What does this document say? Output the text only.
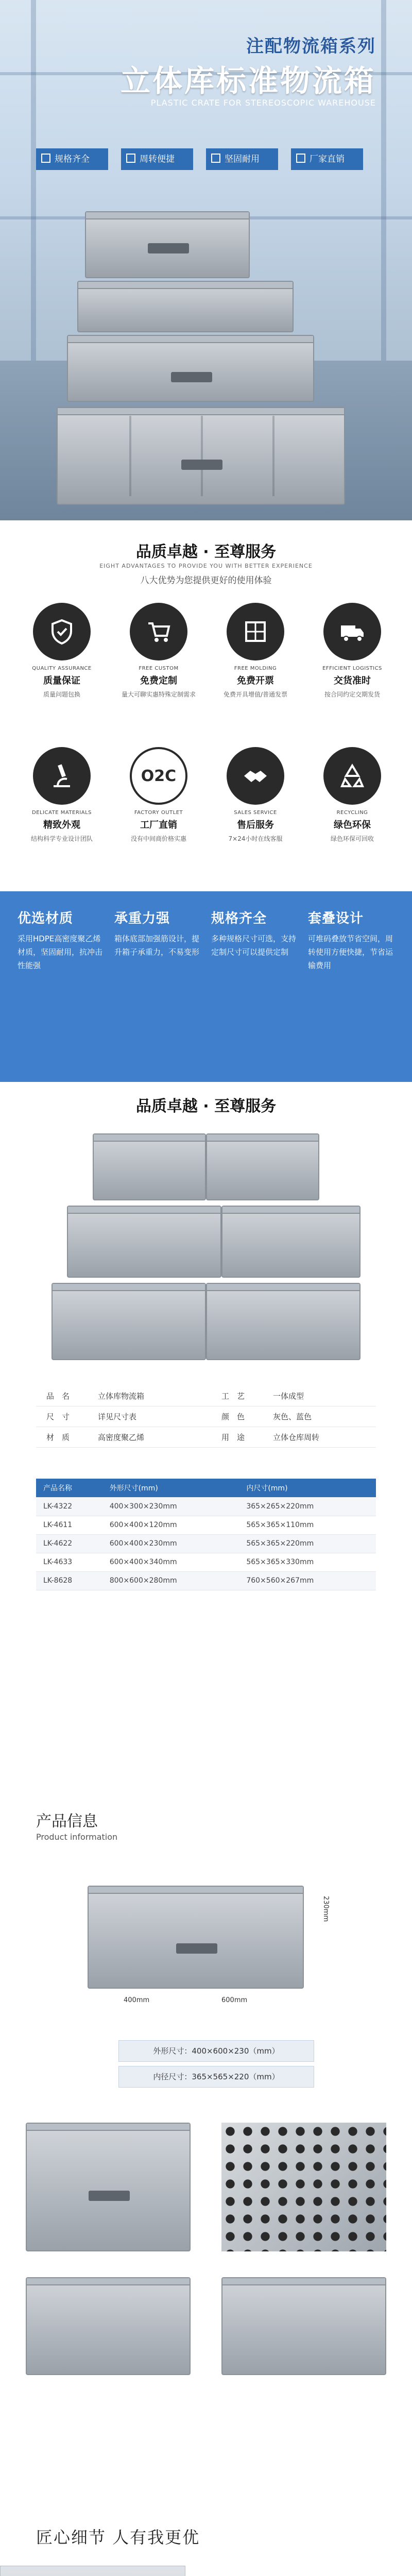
注配物流箱系列
立体库标准物流箱
PLASTIC CRATE FOR STEREOSCOPIC WAREHOUSE
规格齐全	周转便捷	坚固耐用	厂家直销
品质卓越 · 至尊服务
EIGHT ADVANTAGES TO PROVIDE YOU WITH BETTER EXPERIENCE
八大优势为您提供更好的使用体验
QUALITY ASSURANCE
质量保证
质量问题包换
FREE CUSTOM
免费定制
量大可聊实惠特殊定制需求
FREE MOLDING
免费开票
免费开具增值/普通发票
EFFICIENT LOGISTICS
交货准时
按合同约定交期发货
DELICATE MATERIALS
精致外观
结构科学专业设计团队
O2C
FACTORY OUTLET
工厂直销
没有中间商价格实惠
SALES SERVICE
售后服务
7×24小时在线客服
RECYCLING
绿色环保
绿色环保可回收
优选材质
采用HDPE高密度聚乙烯材质，坚固耐用，抗冲击性能强
承重力强
箱体底部加强筋设计，提升箱子承重力，不易变形
规格齐全
多种规格尺寸可选，支持定制尺寸可以提供定制
套叠设计
可堆码叠放节省空间，周转使用方便快捷，节省运输费用
品质卓越 · 至尊服务
品　名	立体库物流箱	工　艺	一体成型
尺　寸	详见尺寸表	颜　色	灰色、蓝色
材　质	高密度聚乙烯	用　途	立体仓库周转
产品名称	外形尺寸(mm)	内尺寸(mm)
LK-4322	400×300×230mm	365×265×220mm
LK-4611	600×400×120mm	565×365×110mm
LK-4622	600×400×230mm	565×365×220mm
LK-4633	600×400×340mm	565×365×330mm
LK-8628	800×600×280mm	760×560×267mm
产品信息
Product information
230mm
600mm
400mm
外形尺寸：400×600×230（mm）
内径尺寸：365×565×220（mm）
匠心细节 人有我更优
